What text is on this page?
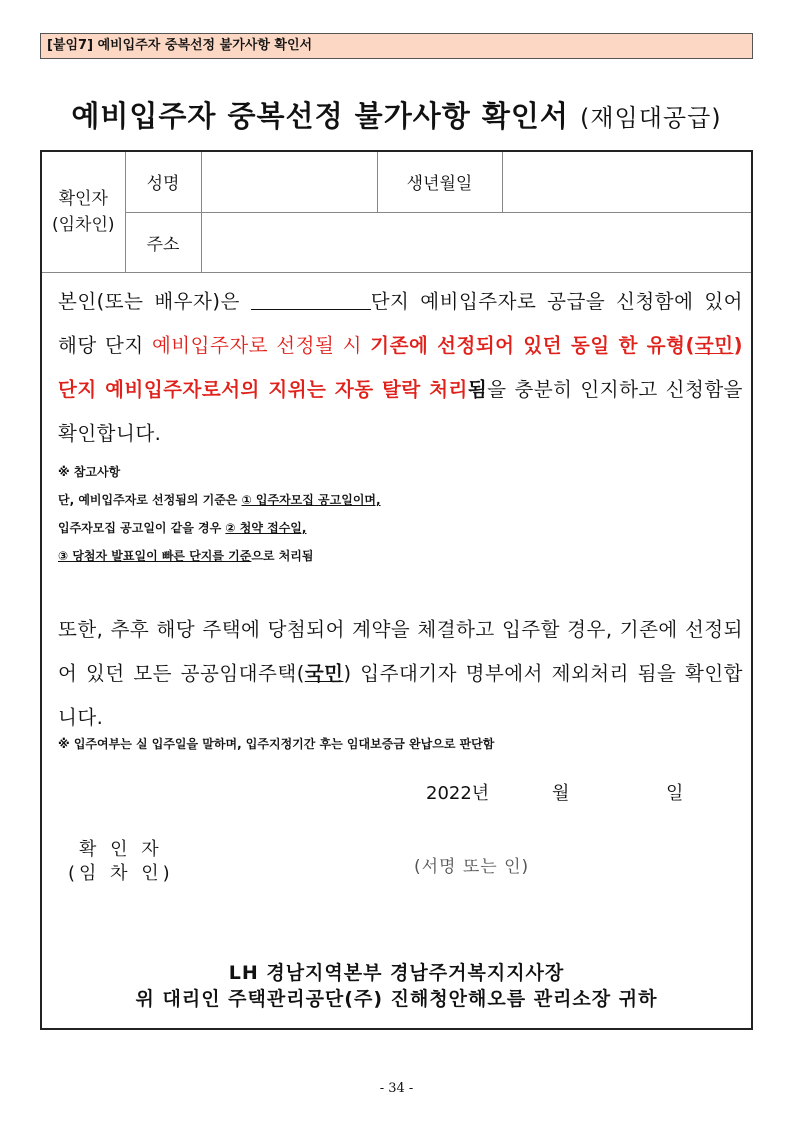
[붙임7] 예비입주자 중복선정 불가사항 확인서
예비입주자 중복선정 불가사항 확인서 (재임대공급)
확인자
(임차인)	성명		생년월일	
	주소			
본인(또는 배우자)은	단지 예비입주자로 공급을 신청함에 있어 해당 단지 예비입주자로 선정될 시 기존에 선정되어 있던 동일 한 유형(국민) 단지 예비입주자로서의 지위는 자동 탈락 처리됨을 충분히 인지하고 신청함을 확인합니다.
※ 참고사항
단, 예비입주자로 선정됨의 기준은 ① 입주자모집 공고일이며,
입주자모집 공고일이 같을 경우 ② 청약 접수일,
③ 당첨자 발표일이 빠른 단지를 기준으로 처리됨
또한, 추후 해당 주택에 당첨되어 계약을 체결하고 입주할 경우, 기존에 선정되어 있던 모든 공공임대주택(국민) 입주대기자 명부에서 제외처리 됨을 확인합니다.
※ 입주여부는 실 입주일을 말하며, 입주지정기간 후는 임대보증금 완납으로 판단함
2022년	월	일
확 인 자
(임 차 인)	(서명 또는 인)
LH 경남지역본부 경남주거복지지사장
위 대리인 주택관리공단(주) 진해청안해오름 관리소장 귀하
- 34 -
